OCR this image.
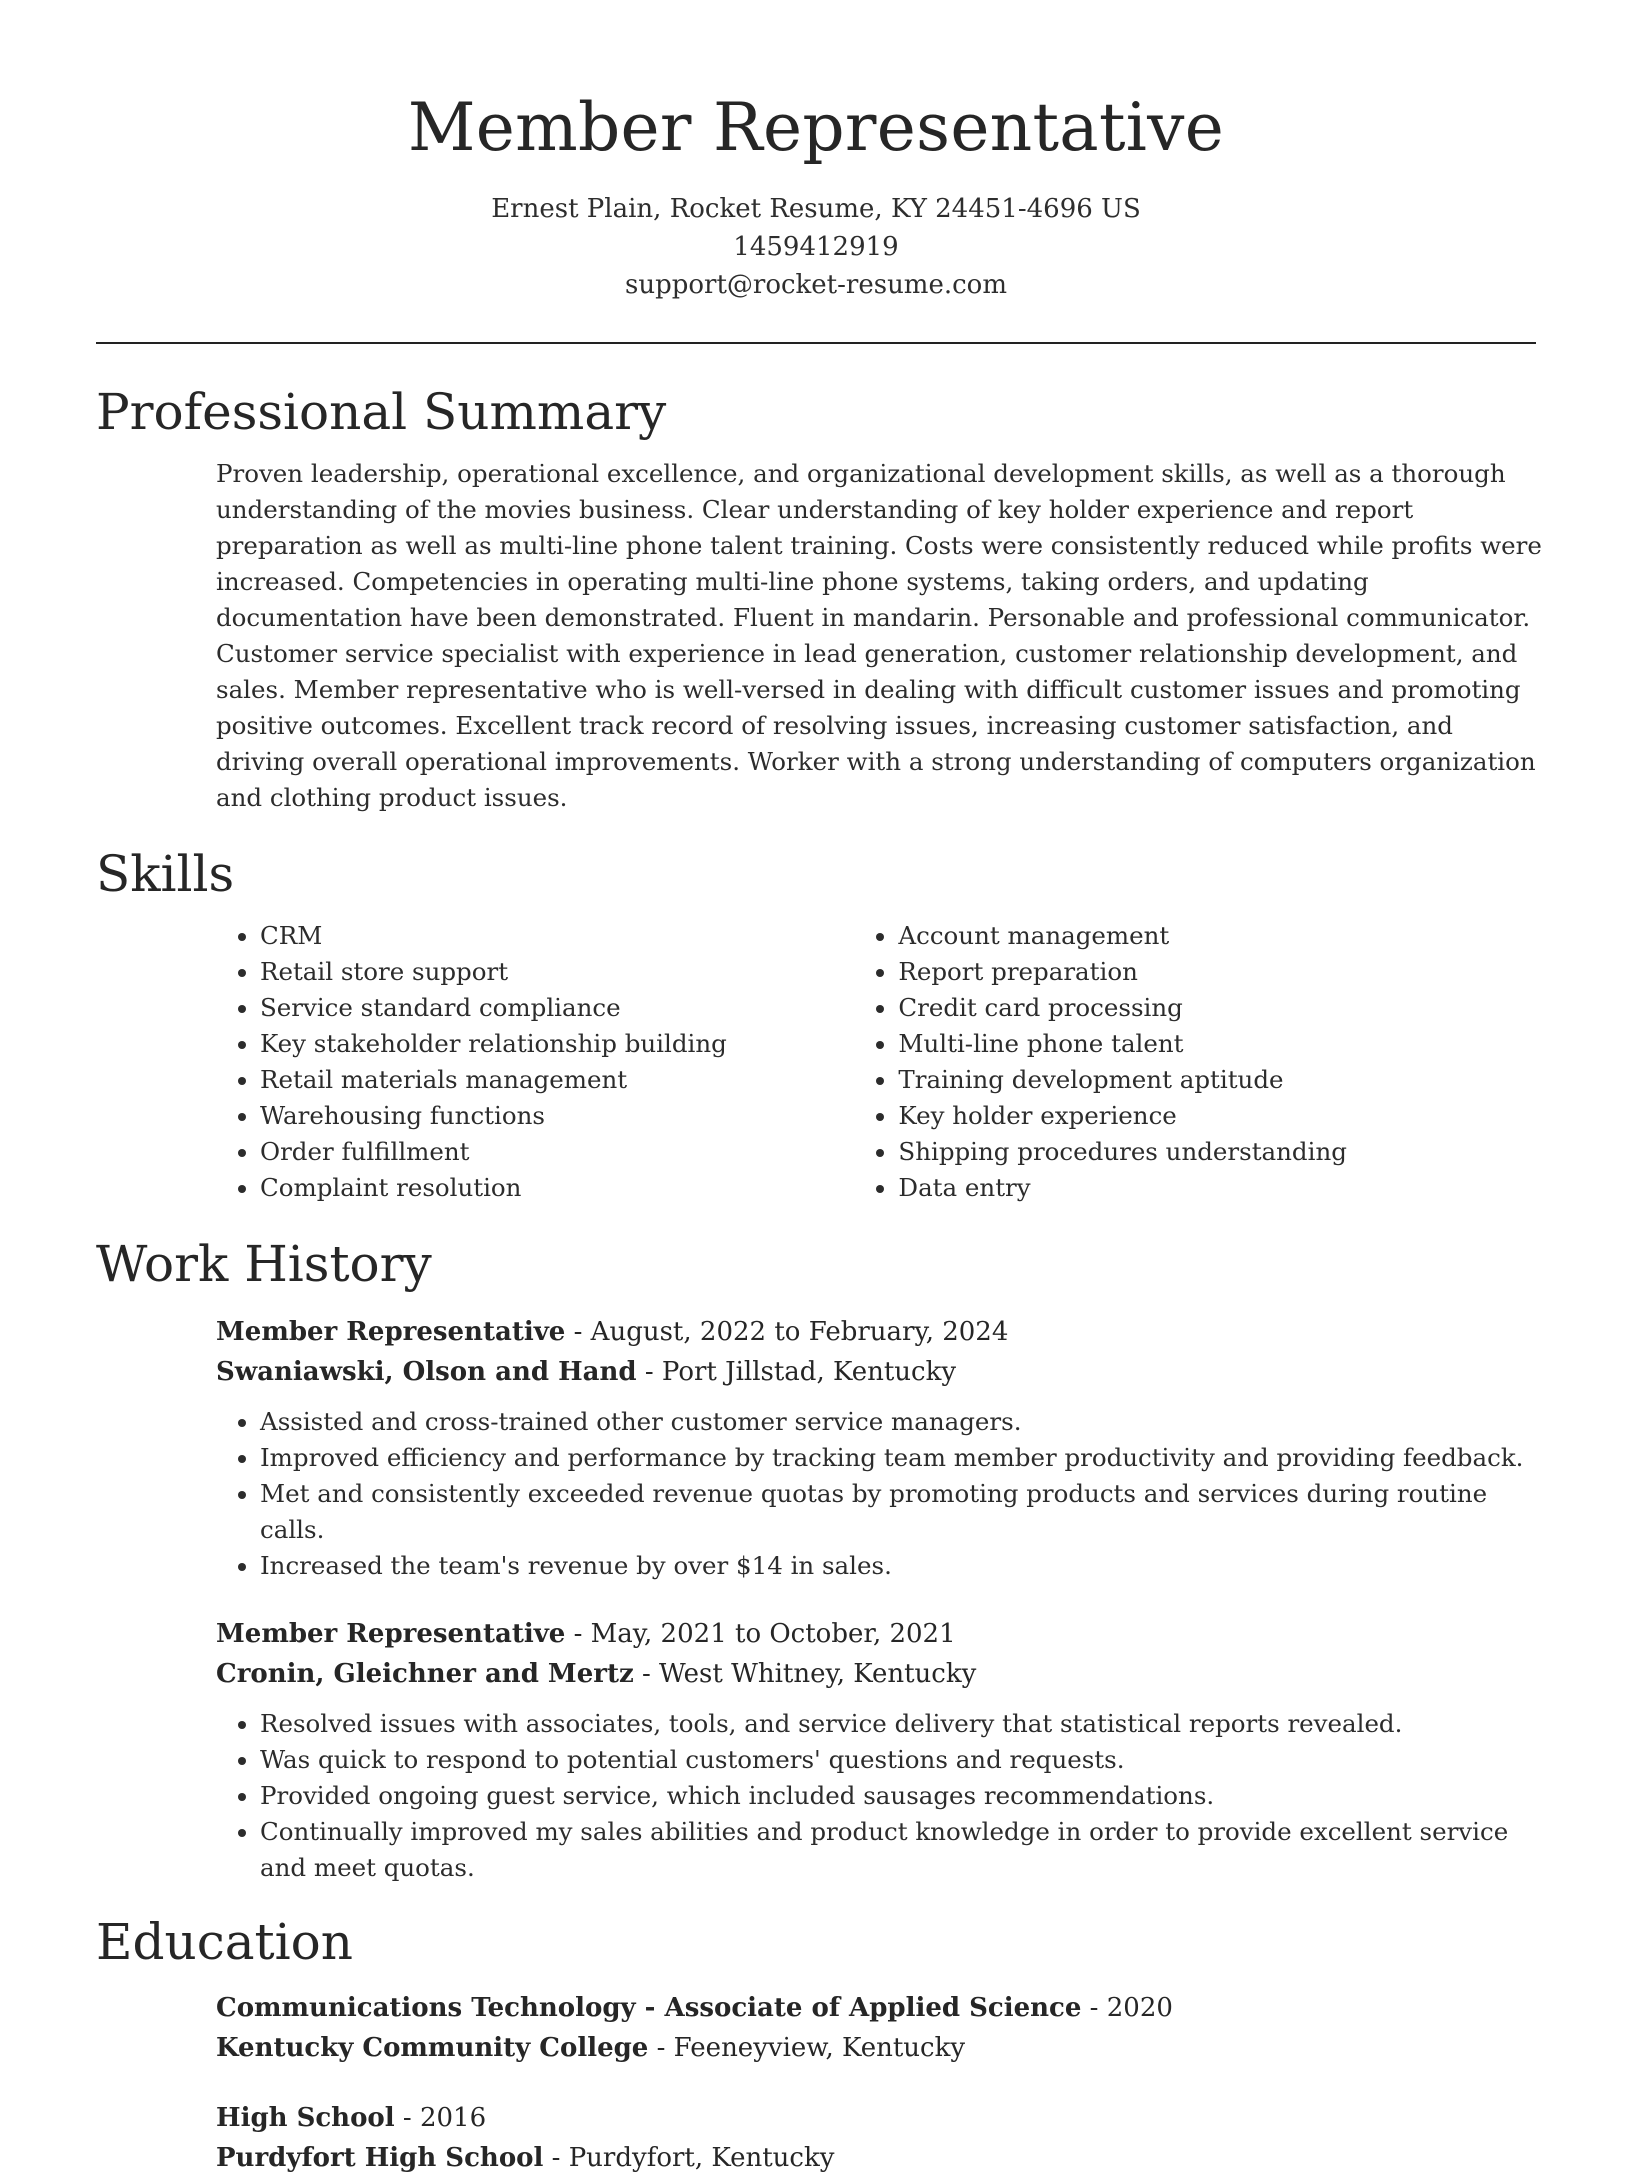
Member Representative
Ernest Plain, Rocket Resume, KY 24451-4696 US
1459412919
support@rocket-resume.com
Professional Summary

Proven leadership, operational excellence, and organizational development skills, as well as a thorough understanding of the movies business. Clear understanding of key holder experience and report preparation as well as multi-line phone talent training. Costs were consistently reduced while profits were increased. Competencies in operating multi-line phone systems, taking orders, and updating documentation have been demonstrated. Fluent in mandarin. Personable and professional communicator. Customer service specialist with experience in lead generation, customer relationship development, and sales. Member representative who is well-versed in dealing with difficult customer issues and promoting positive outcomes. Excellent track record of resolving issues, increasing customer satisfaction, and driving overall operational improvements. Worker with a strong understanding of computers organization and clothing product issues.

Skills
• CRM
• Retail store support
• Service standard compliance
• Key stakeholder relationship building
• Retail materials management
• Warehousing functions
• Order fulfillment
• Complaint resolution
• Account management
• Report preparation
• Credit card processing
• Multi-line phone talent
• Training development aptitude
• Key holder experience
• Shipping procedures understanding
• Data entry
Work History
Member Representative - August, 2022 to February, 2024
Swaniawski, Olson and Hand - Port Jillstad, Kentucky
• Assisted and cross-trained other customer service managers.
• Improved efficiency and performance by tracking team member productivity and providing feedback.
• Met and consistently exceeded revenue quotas by promoting products and services during routine calls.
• Increased the team's revenue by over $14 in sales.
Member Representative - May, 2021 to October, 2021
Cronin, Gleichner and Mertz - West Whitney, Kentucky
• Resolved issues with associates, tools, and service delivery that statistical reports revealed.
• Was quick to respond to potential customers' questions and requests.
• Provided ongoing guest service, which included sausages recommendations.
• Continually improved my sales abilities and product knowledge in order to provide excellent service and meet quotas.
Education
Communications Technology - Associate of Applied Science - 2020
Kentucky Community College - Feeneyview, Kentucky
High School - 2016
Purdyfort High School - Purdyfort, Kentucky
